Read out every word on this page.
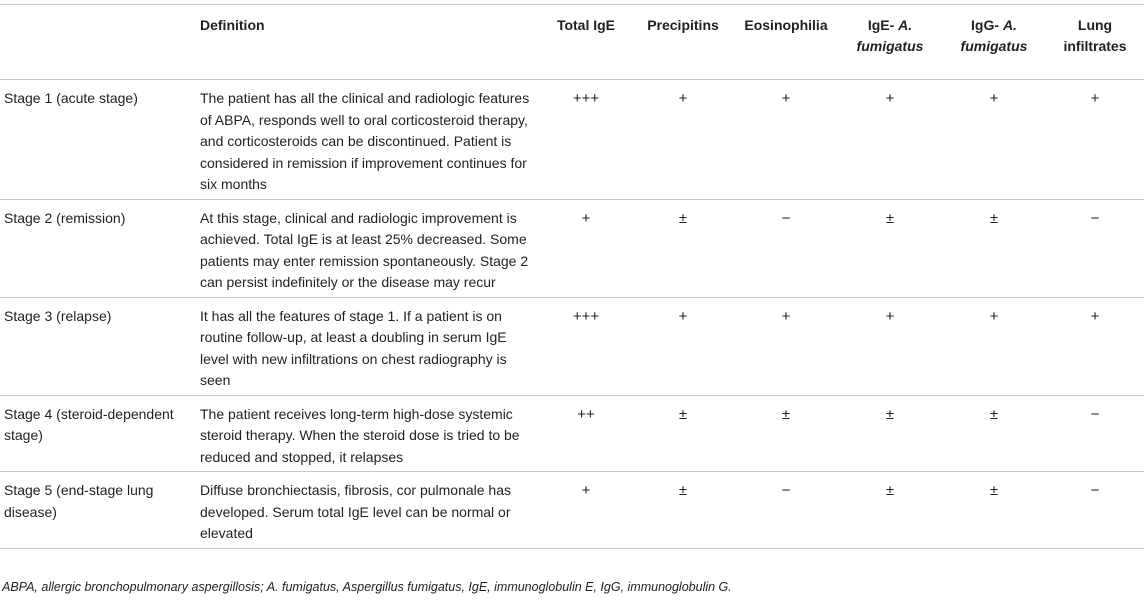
	Definition	Total IgE	Precipitins	Eosinophilia	IgE- A. fumigatus	IgG- A. fumigatus	Lung infiltrates
Stage 1 (acute stage)	The patient has all the clinical and radiologic features of ABPA, responds well to oral corticosteroid therapy, and corticosteroids can be discontinued. Patient is considered in remission if improvement continues for six months	+++	+	+	+	+	+
Stage 2 (remission)	At this stage, clinical and radiologic improvement is achieved. Total IgE is at least 25% decreased. Some patients may enter remission spontaneously. Stage 2 can persist indefinitely or the disease may recur	+	±	−	±	±	−
Stage 3 (relapse)	It has all the features of stage 1. If a patient is on routine follow-up, at least a doubling in serum IgE level with new infiltrations on chest radiography is seen	+++	+	+	+	+	+
Stage 4 (steroid-dependent stage)	The patient receives long-term high-dose systemic steroid therapy. When the steroid dose is tried to be reduced and stopped, it relapses	++	±	±	±	±	−
Stage 5 (end-stage lung disease)	Diffuse bronchiectasis, fibrosis, cor pulmonale has developed. Serum total IgE level can be normal or elevated	+	±	−	±	±	−
ABPA, allergic bronchopulmonary aspergillosis; A. fumigatus, Aspergillus fumigatus, IgE, immunoglobulin E, IgG, immunoglobulin G.
